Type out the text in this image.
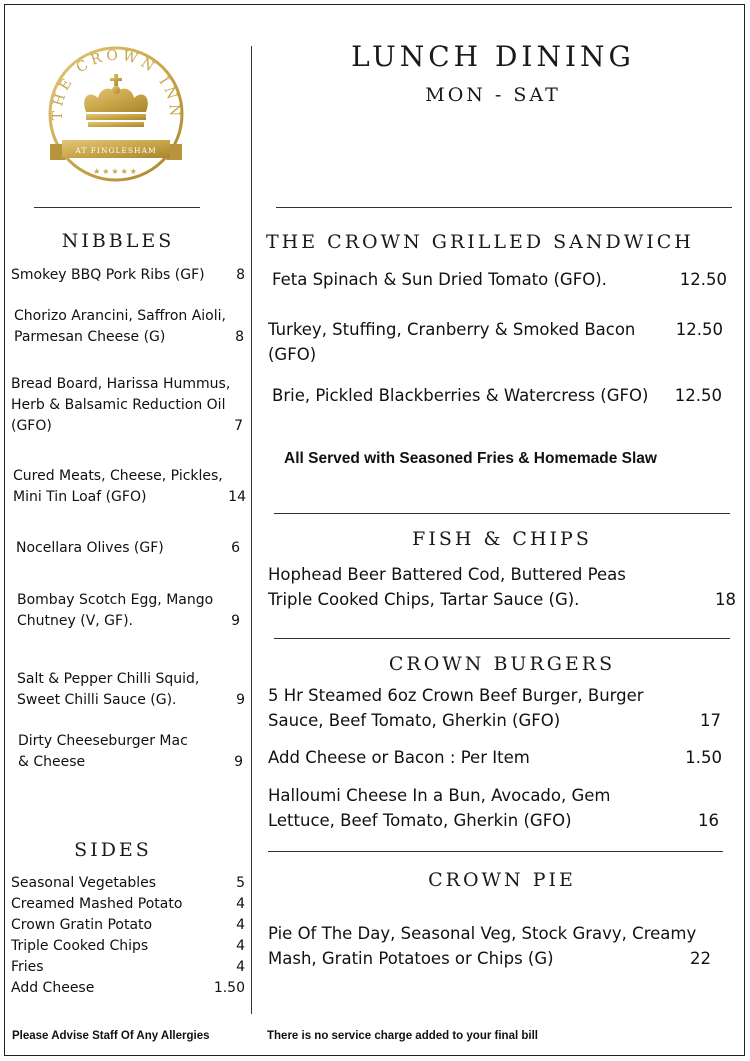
THE CROWN INN
AT FINGLESHAM
★★★★★
LUNCH DINING
MON - SAT
NIBBLES
Smokey BBQ Pork Ribs (GF) 8
Chorizo Arancini, Saffron Aioli,
Parmesan Cheese (G)	8
Bread Board, Harissa Hummus,
Herb & Balsamic Reduction Oil
(GFO)	7
Cured Meats, Cheese, Pickles,
Mini Tin Loaf (GFO)	14
Nocellara Olives (GF)	6
Bombay Scotch Egg, Mango
Chutney (V, GF).	9
Salt & Pepper Chilli Squid,
Sweet Chilli Sauce (G).	9
Dirty Cheeseburger Mac
& Cheese	9
SIDES
Seasonal Vegetables	5
Creamed Mashed Potato	4
Crown Gratin Potato	4
Triple Cooked Chips	4
Fries	4
Add Cheese	1.50
THE CROWN GRILLED SANDWICH
Feta Spinach & Sun Dried Tomato (GFO).	12.50
Turkey, Stuffing, Cranberry & Smoked Bacon
(GFO)
12.50
Brie, Pickled Blackberries & Watercress (GFO) 12.50
All Served with Seasoned Fries & Homemade Slaw
FISH & CHIPS
Hophead Beer Battered Cod, Buttered Peas
Triple Cooked Chips, Tartar Sauce (G).	18
CROWN BURGERS
5 Hr Steamed 6oz Crown Beef Burger, Burger
Sauce, Beef Tomato, Gherkin (GFO)	17
Add Cheese or Bacon : Per Item	1.50
Halloumi Cheese In a Bun, Avocado, Gem
Lettuce, Beef Tomato, Gherkin (GFO)	16
CROWN PIE
Pie Of The Day, Seasonal Veg, Stock Gravy, Creamy
Mash, Gratin Potatoes or Chips (G)	22
Please Advise Staff Of Any Allergies	There is no service charge added to your final bill
